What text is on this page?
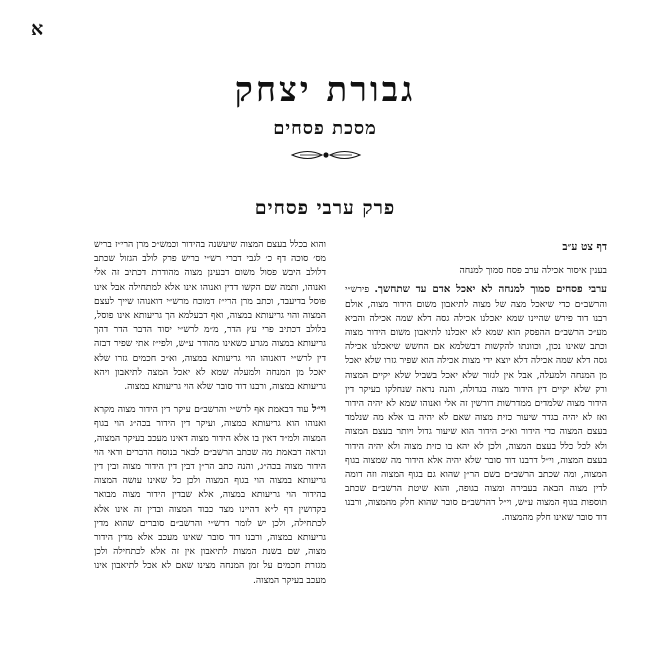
א
גבורת יצחק
מסכת פסחים
פרק ערבי פסחים
דף צט ע״ב

בענין איסור אכילה ערב פסח סמוך למנחה

ערבי פסחים סמוך למנחה לא יאכל אדם עד שתחשך. פירש״י והרשב״ם כדי שיאכל מצה של מצוה לתיאבון משום הידור מצוה, אולם רבנו דוד פירש שהיינו שמא יאכלנו אכילה גסה דלא שמה אכילה והביא מע״כ הרשב״ם ההפסק הוא שמא לא יאכלנו לתיאבון משום הידור מצוה וכתב שאינו נכון, וכוונתו להקשות דבשלמא אם החשש שיאכלנו אכילה גסה דלא שמה אכילה דלא יוצא ידי מצות אכילה הוא שפיר גזרו שלא יאכל מן המנחה ולמעלה, אבל אין לגזור שלא יאכל בשביל שלא יקיים המצוה ורק שלא יקיים דין הידור מצוה בגדולה, והנה נראה שנחלקו בעיקר דין הידור מצוה שלמדים ממדרשות דורשין זה אלי ואנוהו שמא לא יהיה הידור ואז לא יהיה בגדר שיעור כזית מצוה שאם לא יהיה בו אלא מה שנלמד בעצם המצוה כדי הידור וא״כ הידור הוא שיעור גדול ויותר בעצם המצוה ולא לכל כלל בעצם המצוה, ולכן לא יהא בו כזית מצוה ולא יהיה הידור בעצם המצוה, וי״ל דרבנו דוד סובר שלא יהיה אלא הידור מה שמצוה בגוף המצוה, ומה שכתב הרשב״ם בשם הר״ן שהוא גם בגוף המצוה וזה דומה לדין מצוה הבאה בעבירה ומצוה בגופה, והוא שיטת הרשב״ם שכתב תוספות בגוף המצוה ע״ש, וי״ל דהרשב״ם סובר שהוא חלק מהמצוה, ורבנו דוד סובר שאינו חלק מהמצוה.

והוא בכלל בעצם המצוה שיעשנה בהידור וכמש״כ מרן הרי״ז בריש מס׳ סוכה דף כ׳ לגבי דברי רש״י בריש פרק לולב הגזול שכתב דלולב היבש פסול משום דבעינן מצוה מהודרת דכתיב זה אלי ואנוהו, ותמה שם הקשו דדין ואנוהו אינו אלא למתחילה אבל אינו פוסל בדיעבד, וכתב מרן הרי״ז דמוכח מרש״י דואנוהו שייך לעצם המצוה והוי גריעותא במצוה, ואף דבעלמא הך גריעותא אינו פוסל, בלולב דכתיב פרי עץ הדר, מ״מ לרש״י יסוד הדבר הדר דהך גריעותא במצוה מגרע כשאינו מהודר ע״ש, ולפי״ז אתי שפיר דבזה דין לרש״י דואנוהו הוי גריעותא במצוה, וא״כ חכמים גזרו שלא יאכל מן המנחה ולמעלה שמא לא יאכל המצה לתיאבון ויהא גריעותא במצוה, ורבנו דוד סובר שלא הוי גריעותא במצוה.

וי״ל עוד דבאמת אף לרש״י והרשב״ם עיקר דין הידור מצוה מקרא ואנוהו הוא גריעותא במצוה, ועיקר דין הידור בכה״ג הוי בגוף המצוה ולמ״ד דאין בו אלא הידור מצוה דאינו מעכב בעיקר המצוה, ונראה דבאמת מה שכתב הרשב״ם לבאר בנוסח הדברים ודאי הוי הידור מצוה בכה״ג, והנה כתב הר״ן דבין דין הידור מצוה ובין דין גריעותא במצוה הוי בגוף המצוה ולכן כל שאינו עושה המצוה בהידור הוי גריעותא במצוה, אלא שבדין הידור מצוה מבואר בקדושין דף ל״א דהיינו מצד כבוד המצוה ובדין זה אינו אלא לכתחילה, ולכן יש לומר דרש״י והרשב״ם סוברים שהוא מדין גריעותא במצוה, ורבנו דוד סובר שאינו מעכב אלא מדין הידור מצוה, שם בשנת המצות לתיאבון אין זה אלא לכתחילה ולכן מגזרת חכמים על זמן המנחה מצינו שאם לא אכל לתיאבון אינו מעכב בעיקר המצוה.
